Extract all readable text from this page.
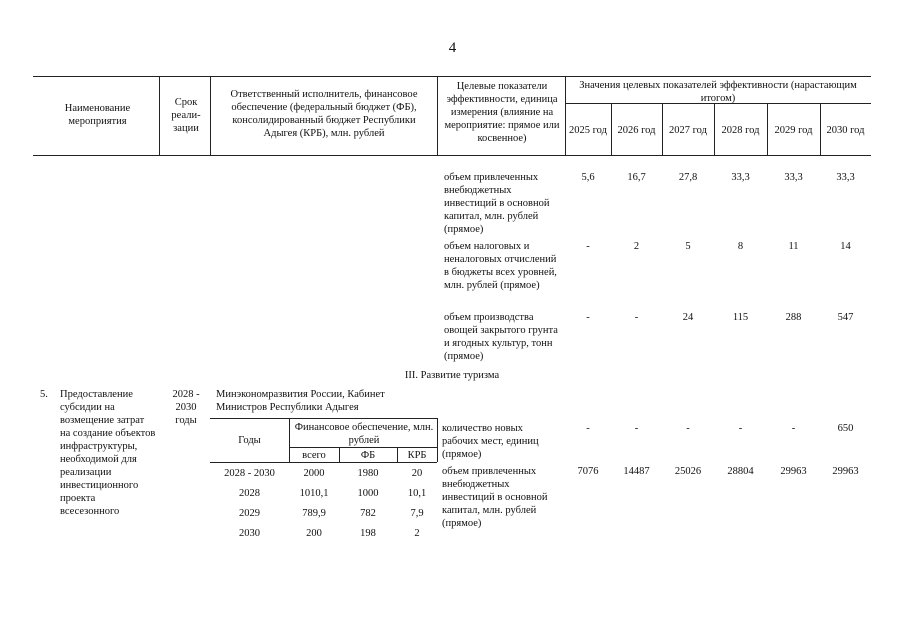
4
Наименование мероприятия
Срок реали-зации
Ответственный исполнитель, финансовое обеспечение (федеральный бюджет (ФБ), консолидированный бюджет Республики Адыгея (КРБ), млн. рублей
Целевые показатели эффективности, единица измерения (влияние на мероприятие: прямое или косвенное)
Значения целевых показателей эффективности (нарастающим итогом)
2025 год	2026 год	2027 год	2028 год	2029 год	2030 год
объем привлеченных внебюджетных инвестиций в основной капитал, млн. рублей (прямое)
5,6	16,7	27,8	33,3	33,3	33,3
объем налоговых и неналоговых отчислений в бюджеты всех уровней, млн. рублей (прямое)
-	2	5	8	11	14
объем производства овощей закрытого грунта и ягодных культур, тонн (прямое)
-	-	24	115	288	547
III. Развитие туризма
5.	Предоставление субсидии на возмещение затрат на создание объектов инфраструктуры, необходимой для реализации инвестиционного проекта всесезонного
2028 - 2030 годы
Минэкономразвития России, Кабинет Министров Республики Адыгея
Годы
Финансовое обеспечение, млн. рублей
всего	ФБ	КРБ
2028 - 2030	2000	1980	20
2028	1010,1	1000	10,1
2029	789,9	782	7,9
2030	200	198	2
количество новых рабочих мест, единиц (прямое)
-	-	-	-	-	650
объем привлеченных внебюджетных инвестиций в основной капитал, млн. рублей (прямое)
7076	14487	25026	28804	29963	29963
